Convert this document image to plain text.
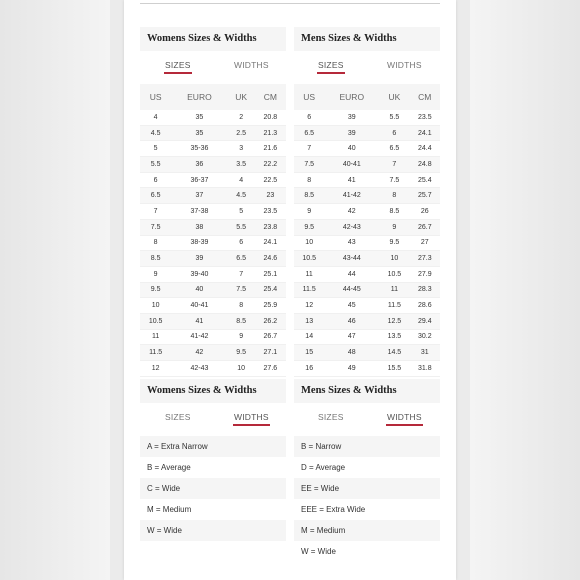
Womens Sizes & Widths
SIZES	WIDTHS
US	EURO	UK	CM
4	35	2	20.8
4.5	35	2.5	21.3
5	35-36	3	21.6
5.5	36	3.5	22.2
6	36-37	4	22.5
6.5	37	4.5	23
7	37-38	5	23.5
7.5	38	5.5	23.8
8	38-39	6	24.1
8.5	39	6.5	24.6
9	39-40	7	25.1
9.5	40	7.5	25.4
10	40-41	8	25.9
10.5	41	8.5	26.2
11	41-42	9	26.7
11.5	42	9.5	27.1
12	42-43	10	27.6
Mens Sizes & Widths
SIZES	WIDTHS
US	EURO	UK	CM
6	39	5.5	23.5
6.5	39	6	24.1
7	40	6.5	24.4
7.5	40-41	7	24.8
8	41	7.5	25.4
8.5	41-42	8	25.7
9	42	8.5	26
9.5	42-43	9	26.7
10	43	9.5	27
10.5	43-44	10	27.3
11	44	10.5	27.9
11.5	44-45	11	28.3
12	45	11.5	28.6
13	46	12.5	29.4
14	47	13.5	30.2
15	48	14.5	31
16	49	15.5	31.8
Womens Sizes & Widths
SIZES	WIDTHS
A = Extra Narrow
B = Average
C = Wide
M = Medium
W = Wide
Mens Sizes & Widths
SIZES	WIDTHS
B = Narrow
D = Average
EE = Wide
EEE = Extra Wide
M = Medium
W = Wide
